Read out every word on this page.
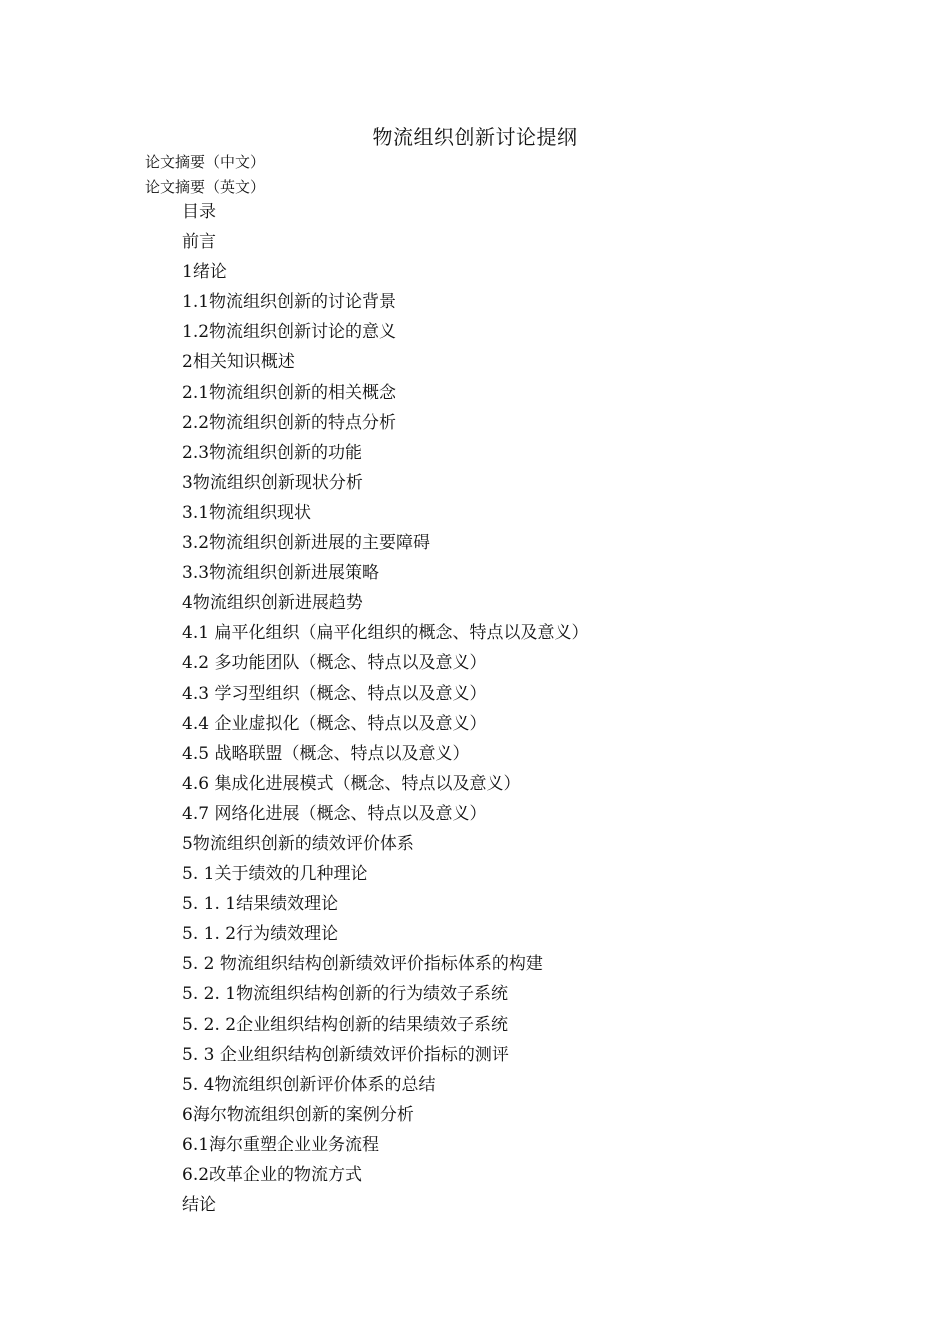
物流组织创新讨论提纲
论文摘要（中文）
论文摘要（英文）
目录
前言
1绪论
1.1物流组织创新的讨论背景
1.2物流组织创新讨论的意义
2相关知识概述
2.1物流组织创新的相关概念
2.2物流组织创新的特点分析
2.3物流组织创新的功能
3物流组织创新现状分析
3.1物流组织现状
3.2物流组织创新进展的主要障碍
3.3物流组织创新进展策略
4物流组织创新进展趋势
4.1 扁平化组织（扁平化组织的概念、特点以及意义）
4.2 多功能团队（概念、特点以及意义）
4.3 学习型组织（概念、特点以及意义）
4.4 企业虚拟化（概念、特点以及意义）
4.5 战略联盟（概念、特点以及意义）
4.6 集成化进展模式（概念、特点以及意义）
4.7 网络化进展（概念、特点以及意义）
5物流组织创新的绩效评价体系
5. 1关于绩效的几种理论
5. 1. 1结果绩效理论
5. 1. 2行为绩效理论
5. 2 物流组织结构创新绩效评价指标体系的构建
5. 2. 1物流组织结构创新的行为绩效子系统
5. 2. 2企业组织结构创新的结果绩效子系统
5. 3 企业组织结构创新绩效评价指标的测评
5. 4物流组织创新评价体系的总结
6海尔物流组织创新的案例分析
6.1海尔重塑企业业务流程
6.2改革企业的物流方式
结论
